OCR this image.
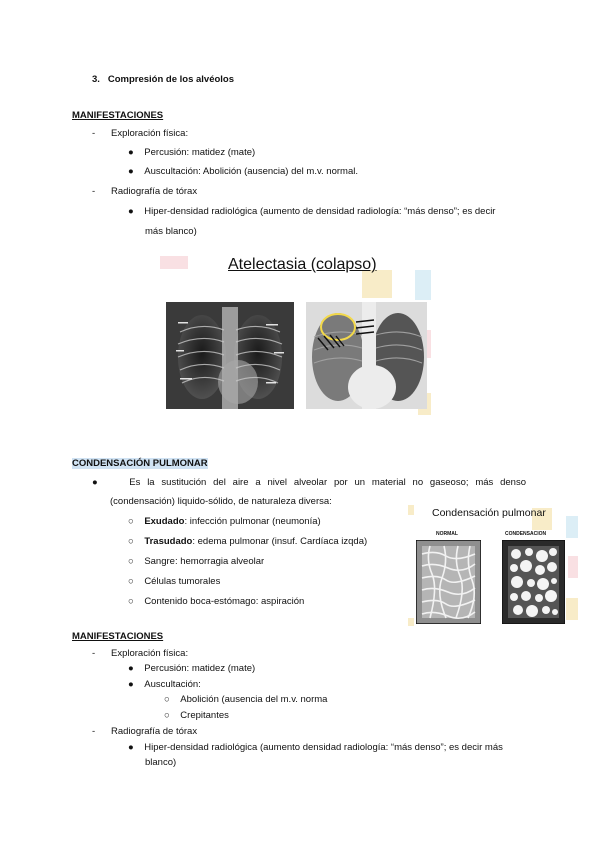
3.   Compresión de los alvéolos
MANIFESTACIONES
-      Exploración física:
●    Percusión: matidez (mate)
●    Auscultación: Abolición (ausencia) del m.v. normal.
-      Radiografía de tórax
●    Hiper-densidad radiológica (aumento de densidad radiología: “más denso”; es decir
más blanco)
Atelectasia (colapso)
CONDENSACIÓN PULMONAR
●    Es la sustitución del aire a nivel alveolar por un material no gaseoso; más denso
(condensación) liquido-sólido, de naturaleza diversa:
○ Exudado: infección pulmonar (neumonía)
○ Trasudado: edema pulmonar (insuf. Cardíaca izqda)
○ Sangre: hemorragia alveolar
○ Células tumorales
○ Contenido boca-estómago: aspiración
Condensación pulmonar
NORMAL	CONDENSACION
MANIFESTACIONES
-      Exploración física:
●    Percusión: matidez (mate)
●    Auscultación:
○    Abolición (ausencia del m.v. norma
○    Crepitantes
-      Radiografía de tórax
●    Hiper-densidad radiológica (aumento densidad radiología: “más denso”; es decir más
blanco)
